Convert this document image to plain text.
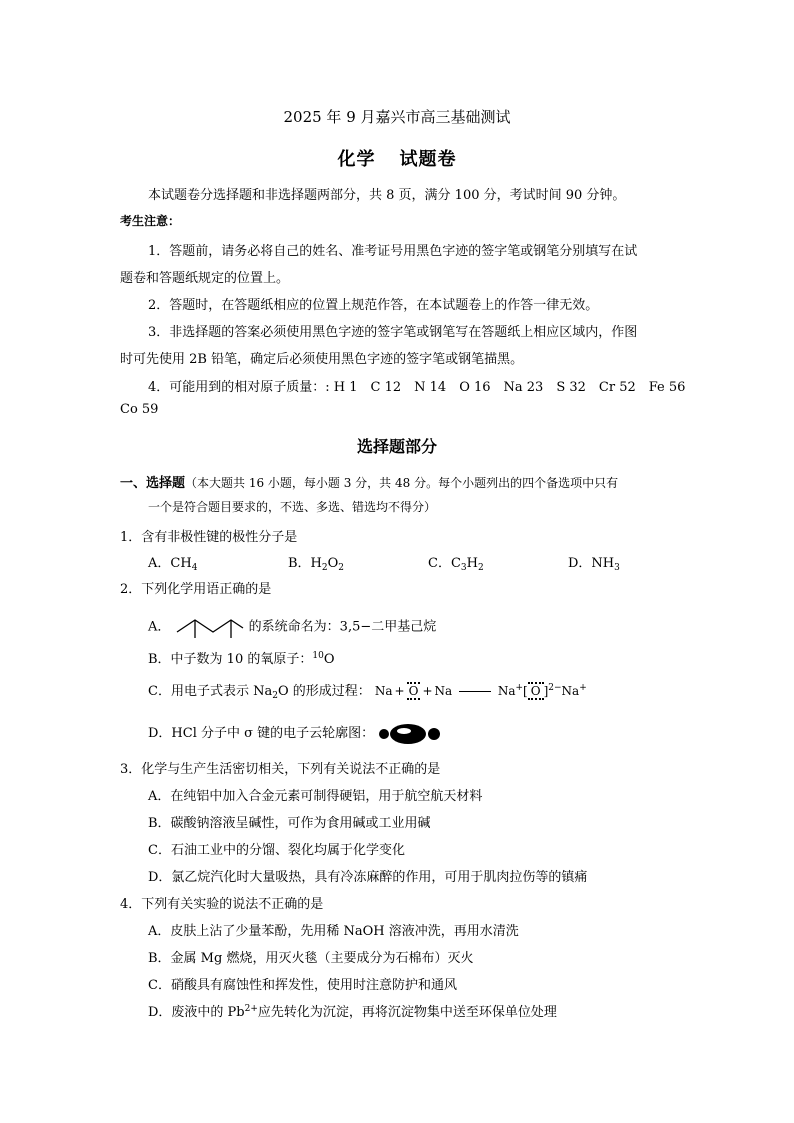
2025 年 9 月嘉兴市高三基础测试
化学 试题卷
本试题卷分选择题和非选择题两部分，共 8 页，满分 100 分，考试时间 90 分钟。
考生注意：
1．答题前，请务必将自己的姓名、准考证号用黑色字迹的签字笔或钢笔分别填写在试
题卷和答题纸规定的位置上。
2．答题时，在答题纸相应的位置上规范作答，在本试题卷上的作答一律无效。
3．非选择题的答案必须使用黑色字迹的签字笔或钢笔写在答题纸上相应区域内，作图
时可先使用 2B 铅笔，确定后必须使用黑色字迹的签字笔或钢笔描黑。
4．可能用到的相对原子质量：: H 1　C 12　N 14　O 16　Na 23　S 32　Cr 52　Fe 56
Co 59
选择题部分
一、选择题（本大题共 16 小题，每小题 3 分，共 48 分。每个小题列出的四个备选项中只有
一个是符合题目要求的，不选、多选、错选均不得分）
1．含有非极性键的极性分子是
A．$CH_4$	B．$H_2O_2$	C．$C_3H_2$	D．$NH_3$
2．下列化学用语正确的是
A．	的系统命名为：3,5−二甲基己烷
B．中子数为 10 的氧原子：$^{10}$O
C．用电子式表示 $Na_2O$ 的形成过程： Na + O + Na	Na+[ O ]$^{2-}$Na+
D．HCl 分子中 σ 键的电子云轮廓图：
3．化学与生产生活密切相关，下列有关说法不正确的是
A．在纯铝中加入合金元素可制得硬铝，用于航空航天材料
B．碳酸钠溶液呈碱性，可作为食用碱或工业用碱
C．石油工业中的分馏、裂化均属于化学变化
D．氯乙烷汽化时大量吸热，具有冷冻麻醉的作用，可用于肌肉拉伤等的镇痛
4．下列有关实验的说法不正确的是
A．皮肤上沾了少量苯酚，先用稀 NaOH 溶液冲洗，再用水清洗
B．金属 Mg 燃烧，用灭火毯（主要成分为石棉布）灭火
C．硝酸具有腐蚀性和挥发性，使用时注意防护和通风
D．废液中的 $Pb^{2+}$应先转化为沉淀，再将沉淀物集中送至环保单位处理
